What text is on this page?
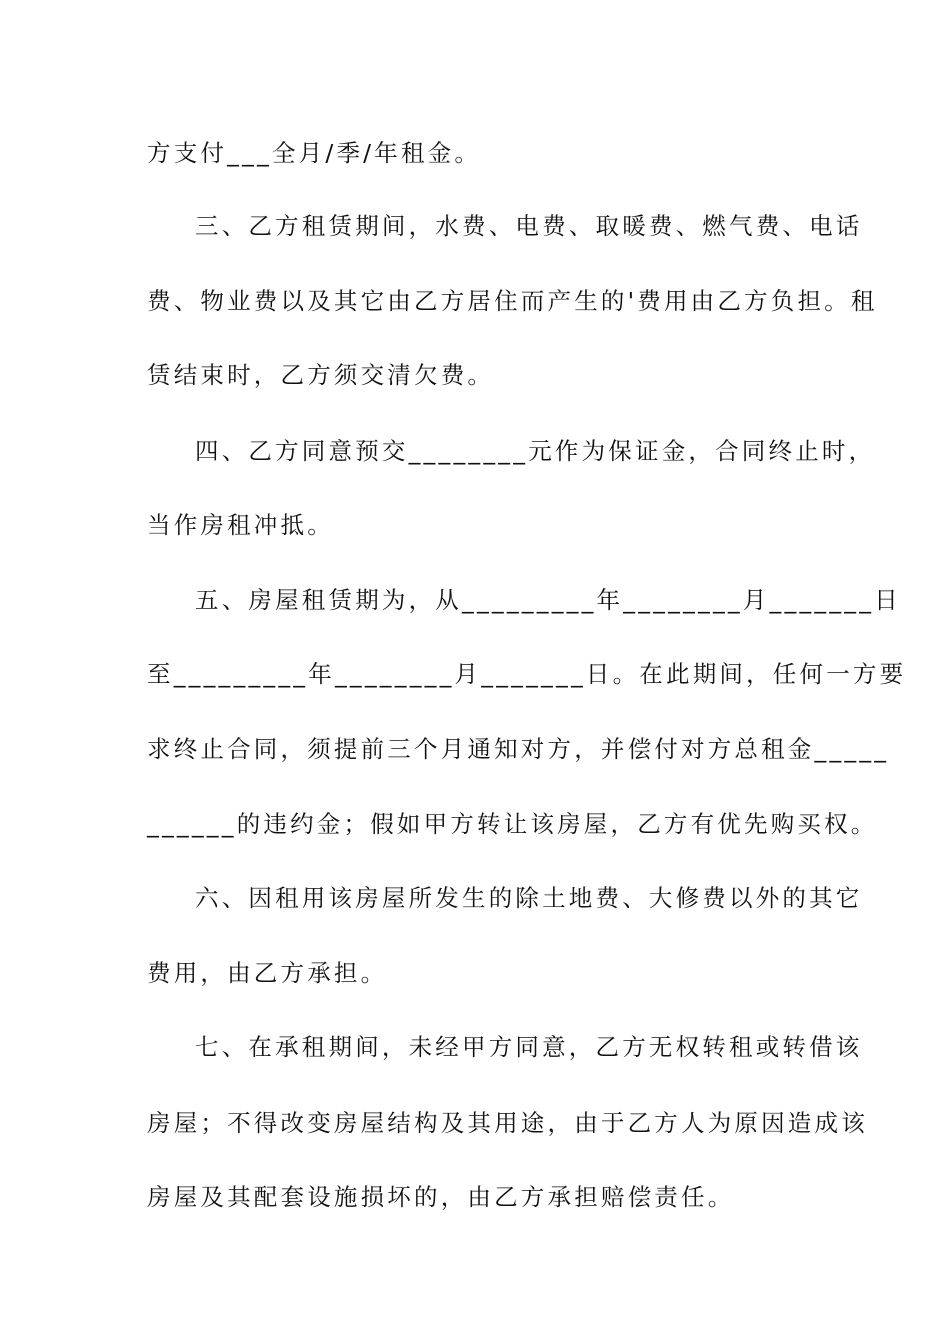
方支付___全月/季/年租金。
三、乙方租赁期间，水费、电费、取暖费、燃气费、电话
费、物业费以及其它由乙方居住而产生的'费用由乙方负担。租
赁结束时，乙方须交清欠费。
四、乙方同意预交________元作为保证金，合同终止时，
当作房租冲抵。
五、房屋租赁期为，从_________年________月_______日
至_________年________月_______日。在此期间，任何一方要
求终止合同，须提前三个月通知对方，并偿付对方总租金_____
______的违约金；假如甲方转让该房屋，乙方有优先购买权。
六、因租用该房屋所发生的除土地费、大修费以外的其它
费用，由乙方承担。
七、在承租期间，未经甲方同意，乙方无权转租或转借该
房屋；不得改变房屋结构及其用途，由于乙方人为原因造成该
房屋及其配套设施损坏的，由乙方承担赔偿责任。
